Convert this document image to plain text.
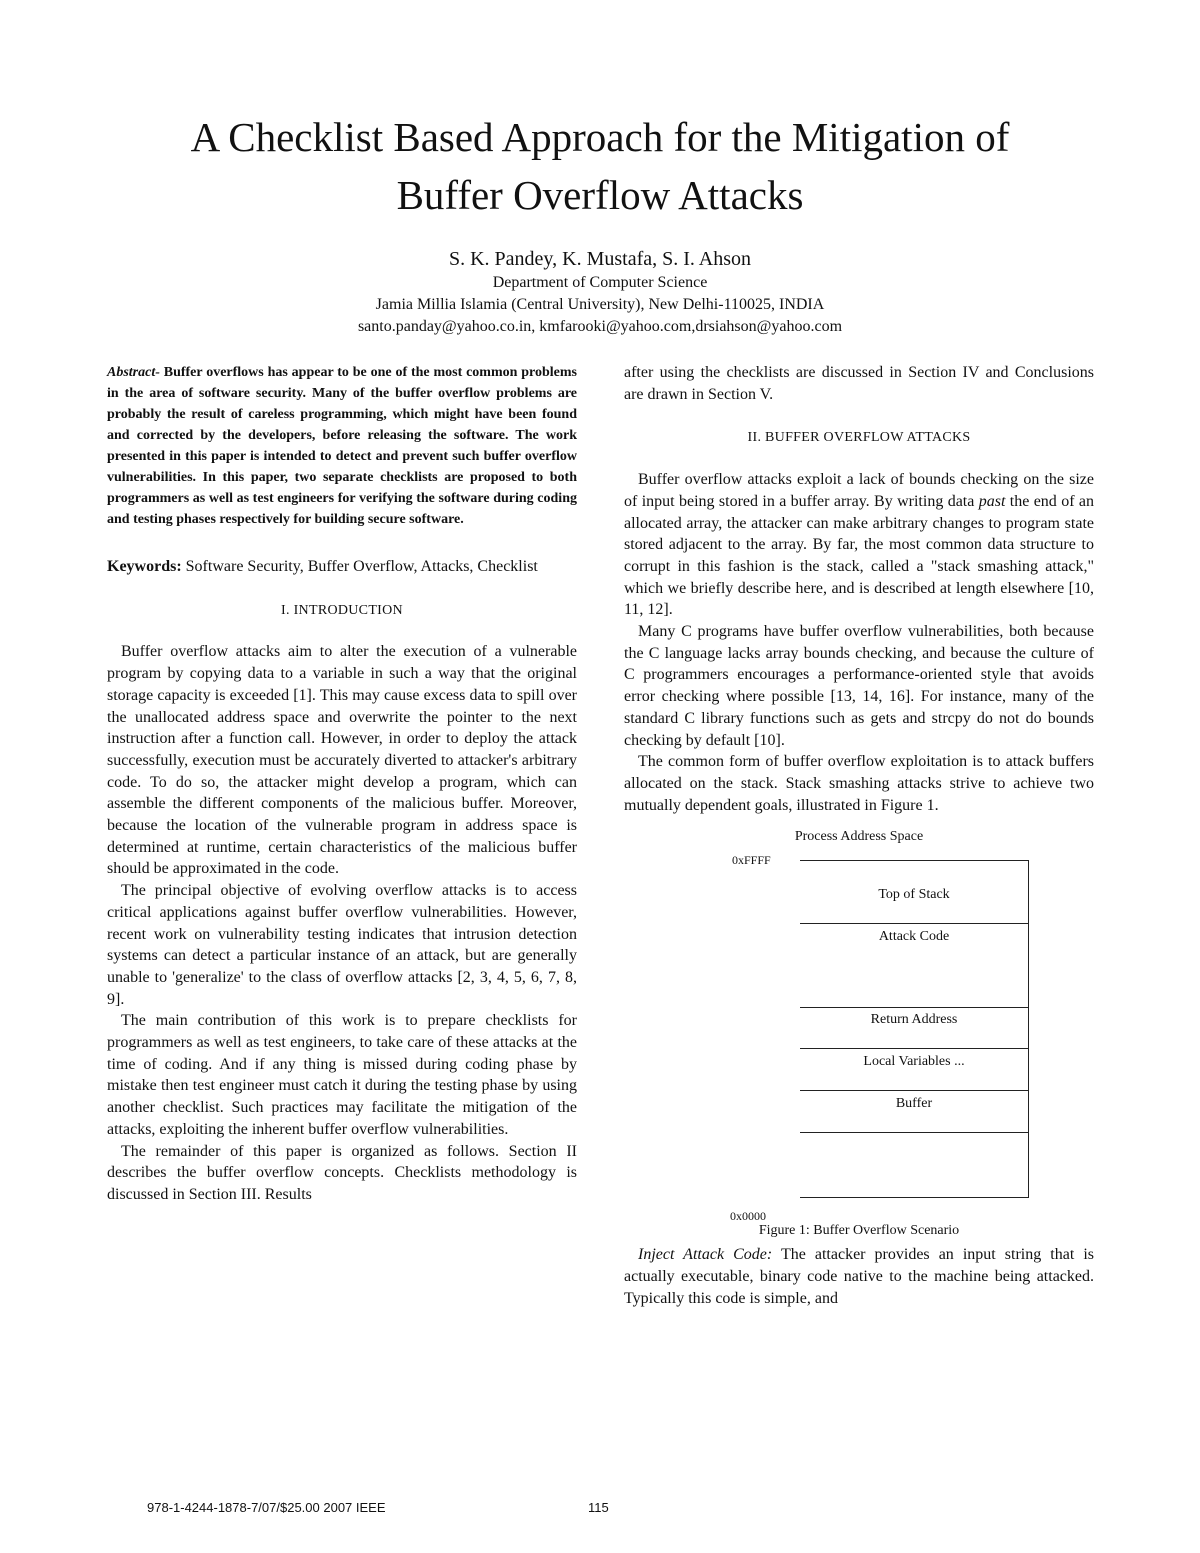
A Checklist Based Approach for the Mitigation of
Buffer Overflow Attacks
S. K. Pandey, K. Mustafa, S. I. Ahson
Department of Computer Science
Jamia Millia Islamia (Central University), New Delhi-110025, INDIA
santo.panday@yahoo.co.in, kmfarooki@yahoo.com,drsiahson@yahoo.com

Abstract- Buffer overflows has appear to be one of the most common problems in the area of software security. Many of the buffer overflow problems are probably the result of careless programming, which might have been found and corrected by the developers, before releasing the software. The work presented in this paper is intended to detect and prevent such buffer overflow vulnerabilities. In this paper, two separate checklists are proposed to both programmers as well as test engineers for verifying the software during coding and testing phases respectively for building secure software.

Keywords: Software Security, Buffer Overflow, Attacks, Checklist

I. INTRODUCTION

Buffer overflow attacks aim to alter the execution of a vulnerable program by copying data to a variable in such a way that the original storage capacity is exceeded [1]. This may cause excess data to spill over the unallocated address space and overwrite the pointer to the next instruction after a function call. However, in order to deploy the attack successfully, execution must be accurately diverted to attacker's arbitrary code. To do so, the attacker might develop a program, which can assemble the different components of the malicious buffer. Moreover, because the location of the vulnerable program in address space is determined at runtime, certain characteristics of the malicious buffer should be approximated in the code.

The principal objective of evolving overflow attacks is to access critical applications against buffer overflow vulnerabilities. However, recent work on vulnerability testing indicates that intrusion detection systems can detect a particular instance of an attack, but are generally unable to 'generalize' to the class of overflow attacks [2, 3, 4, 5, 6, 7, 8, 9].

The main contribution of this work is to prepare checklists for programmers as well as test engineers, to take care of these attacks at the time of coding. And if any thing is missed during coding phase by mistake then test engineer must catch it during the testing phase by using another checklist. Such practices may facilitate the mitigation of the attacks, exploiting the inherent buffer overflow vulnerabilities.

The remainder of this paper is organized as follows. Section II describes the buffer overflow concepts. Checklists methodology is discussed in Section III. Results

after using the checklists are discussed in Section IV and Conclusions are drawn in Section V.

II. BUFFER OVERFLOW ATTACKS

Buffer overflow attacks exploit a lack of bounds checking on the size of input being stored in a buffer array. By writing data past the end of an allocated array, the attacker can make arbitrary changes to program state stored adjacent to the array. By far, the most common data structure to corrupt in this fashion is the stack, called a "stack smashing attack," which we briefly describe here, and is described at length elsewhere [10, 11, 12].

Many C programs have buffer overflow vulnerabilities, both because the C language lacks array bounds checking, and because the culture of C programmers encourages a performance-oriented style that avoids error checking where possible [13, 14, 16]. For instance, many of the standard C library functions such as gets and strcpy do not do bounds checking by default [10].

The common form of buffer overflow exploitation is to attack buffers allocated on the stack. Stack smashing attacks strive to achieve two mutually dependent goals, illustrated in Figure 1.

Process Address Space
0xFFFF
Top of Stack
Attack Code
Return Address
Local Variables ...
Buffer
0x0000
Figure 1: Buffer Overflow Scenario

Inject Attack Code: The attacker provides an input string that is actually executable, binary code native to the machine being attacked. Typically this code is simple, and

978-1-4244-1878-7/07/$25.00 2007 IEEE	115
